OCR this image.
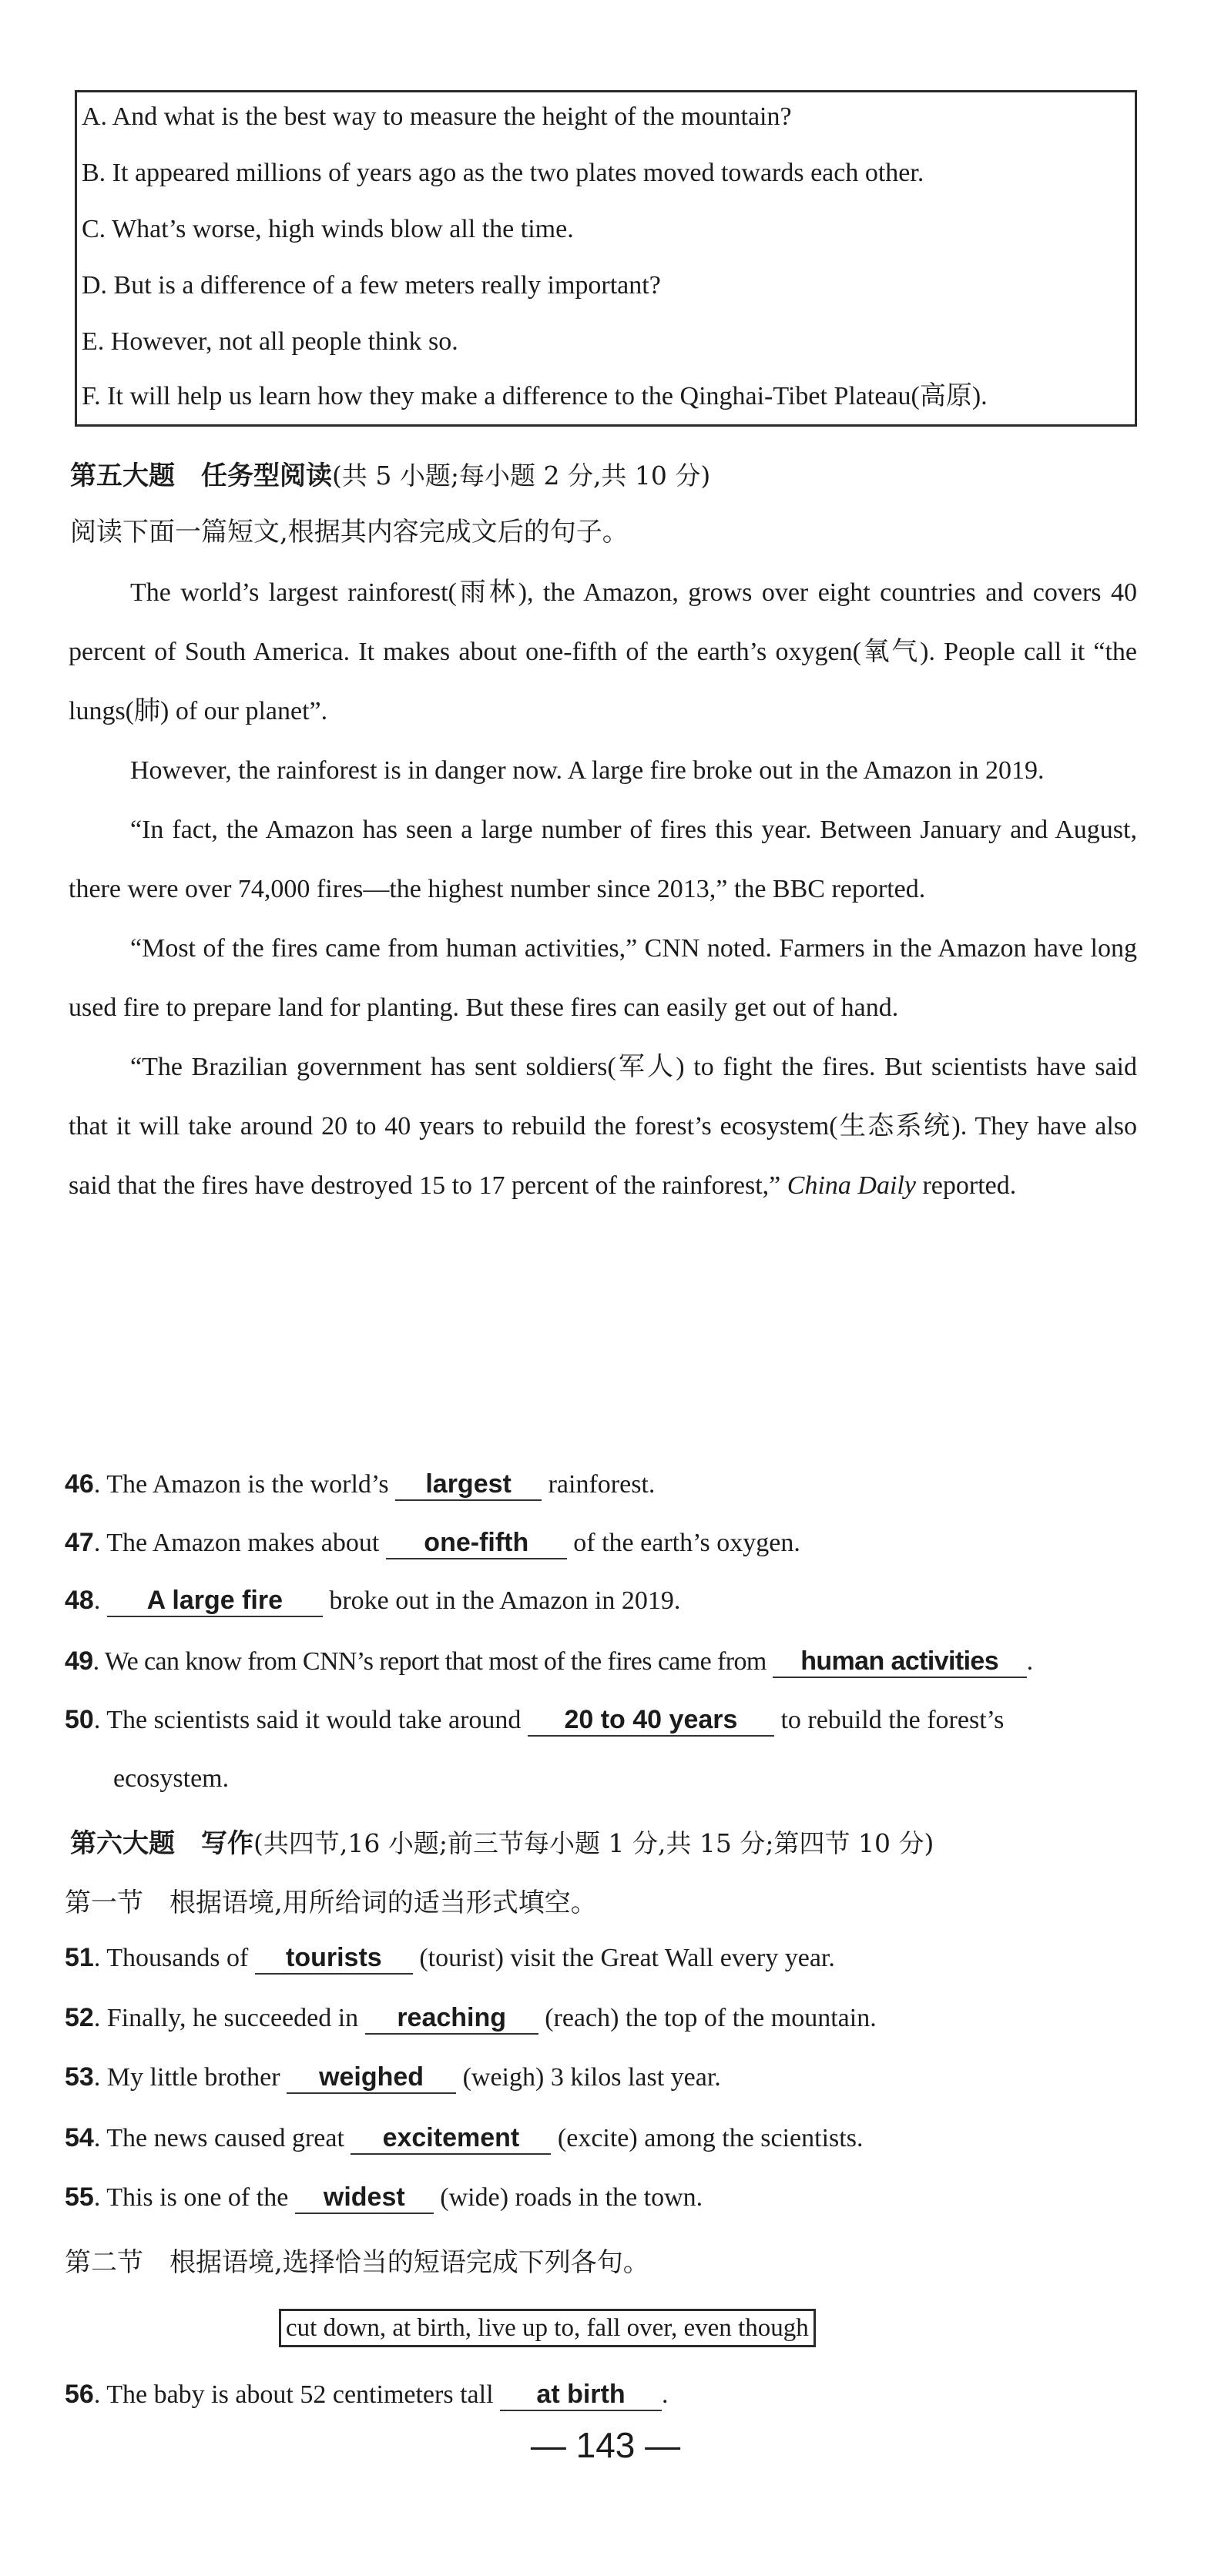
A. And what is the best way to measure the height of the mountain?
B. It appeared millions of years ago as the two plates moved towards each other.
C. What’s worse, high winds blow all the time.
D. But is a difference of a few meters really important?
E. However, not all people think so.
F. It will help us learn how they make a difference to the Qinghai-Tibet Plateau(高原).
第五大题　任务型阅读(共 5 小题;每小题 2 分,共 10 分)
阅读下面一篇短文,根据其内容完成文后的句子。

The world’s largest rainforest(雨林), the Amazon, grows over eight countries and covers 40 percent of South America. It makes about one-fifth of the earth’s oxygen(氧气). People call it “the lungs(肺) of our planet”.

However, the rainforest is in danger now. A large fire broke out in the Amazon in 2019.

“In fact, the Amazon has seen a large number of fires this year. Between January and August, there were over 74,000 fires—the highest number since 2013,” the BBC reported.

“Most of the fires came from human activities,” CNN noted. Farmers in the Amazon have long used fire to prepare land for planting. But these fires can easily get out of hand.

“The Brazilian government has sent soldiers(军人) to fight the fires. But scientists have said that it will take around 20 to 40 years to rebuild the forest’s ecosystem(生态系统). They have also said that the fires have destroyed 15 to 17 percent of the rainforest,” China Daily reported.

46. The Amazon is the world’s largest rainforest.
47. The Amazon makes about one-fifth of the earth’s oxygen.
48. A large fire broke out in the Amazon in 2019.
49. We can know from CNN’s report that most of the fires came from human activities .
50. The scientists said it would take around 20 to 40 years to rebuild the forest’s
ecosystem.
第六大题　写作(共四节,16 小题;前三节每小题 1 分,共 15 分;第四节 10 分)
第一节　根据语境,用所给词的适当形式填空。
51. Thousands of tourists (tourist) visit the Great Wall every year.
52. Finally, he succeeded in reaching (reach) the top of the mountain.
53. My little brother weighed (weigh) 3 kilos last year.
54. The news caused great excitement (excite) among the scientists.
55. This is one of the widest (wide) roads in the town.
第二节　根据语境,选择恰当的短语完成下列各句。
cut down, at birth, live up to, fall over, even though
56. The baby is about 52 centimeters tall at birth .
— 143 —
